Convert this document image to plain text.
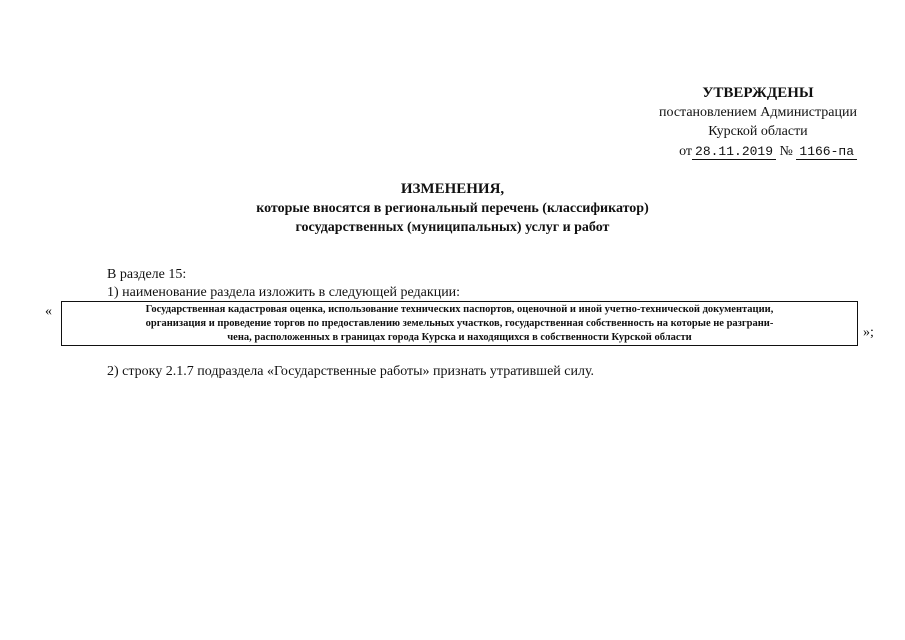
УТВЕРЖДЕНЫ
постановлением Администрации
Курской области
от 28.11.2019 № 1166-па
ИЗМЕНЕНИЯ,
которые вносятся в региональный перечень (классификатор)
государственных (муниципальных) услуг и работ
В разделе 15:
1) наименование раздела изложить в следующей редакции:
«	Государственная кадастровая оценка, использование технических паспортов, оценочной и иной учетно-технической документации,
организация и проведение торгов по предоставлению земельных участков, государственная собственность на которые не разграни-
чена, расположенных в границах города Курска и находящихся в собственности Курской области	»;
2) строку 2.1.7 подраздела «Государственные работы» признать утратившей силу.
